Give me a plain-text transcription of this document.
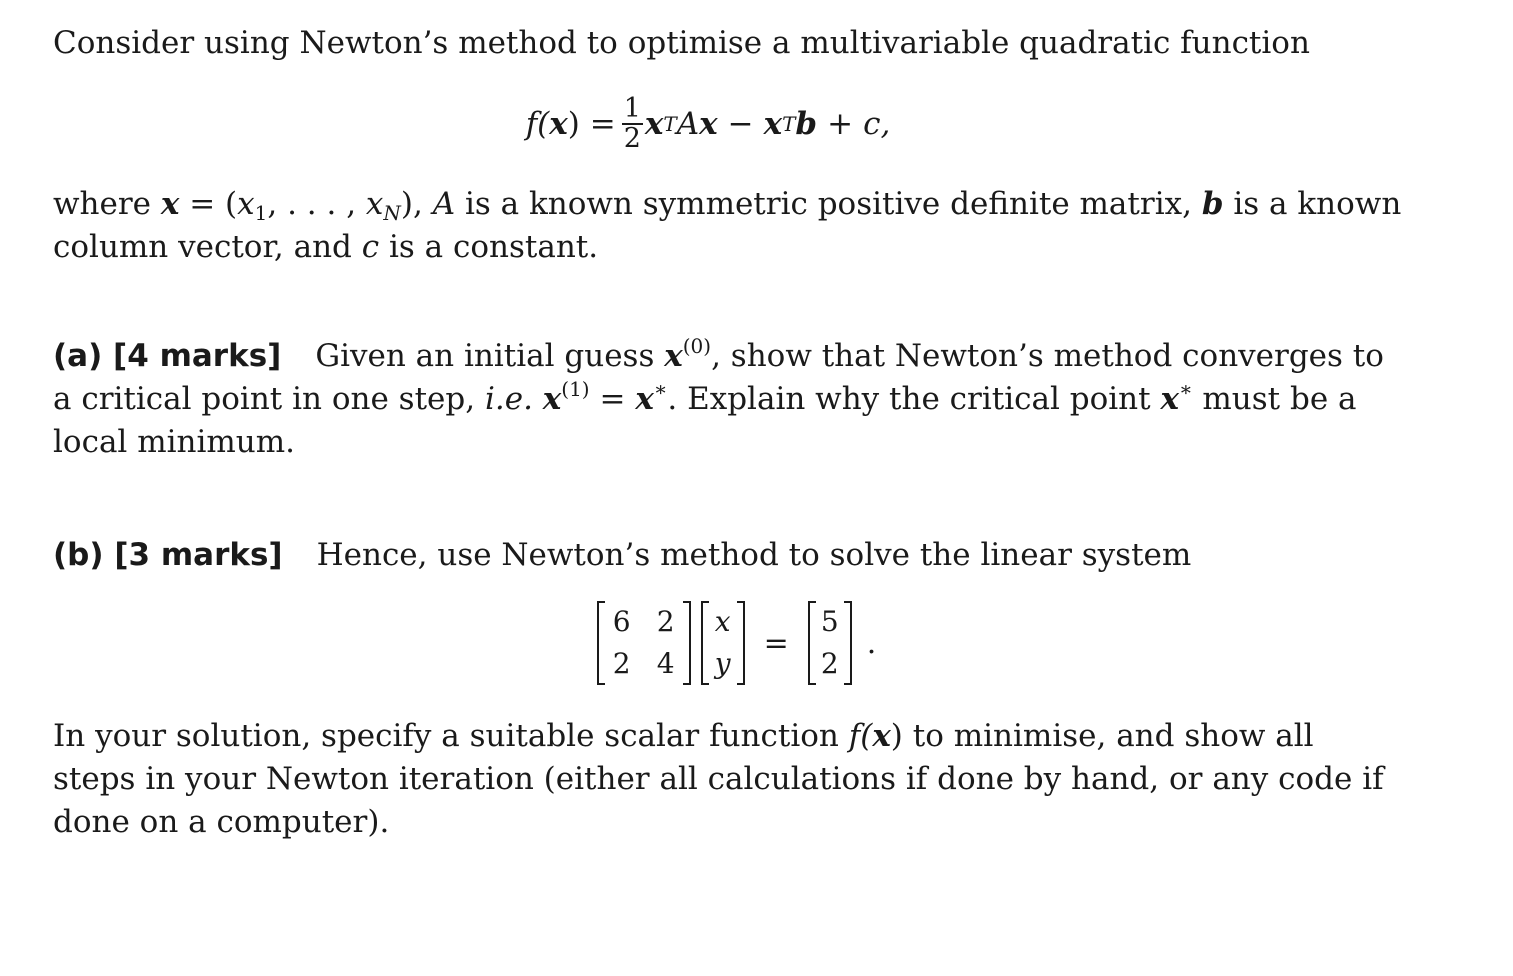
Consider using Newton’s method to optimise a multivariable quadratic function

f( x ) = $\frac{1}{2}$ x T A x − x T b + c,

where $x = (x_1$, . . . , $x_N$), A is a known symmetric positive definite matrix, b is a known column vector, and c is a constant.

(a) [4 marks] Given an initial guess $x^{(0)}$, show that Newton’s method converges to a critical point in one step, i.e. $x^{(1)} = x^∗$. Explain why the critical point x∗ must be a local minimum.

(b) [3 marks] Hence, use Newton’s method to solve the linear system

6 2
2 4
x
y
=
5
2
.

In your solution, specify a suitable scalar function f(x) to minimise, and show all steps in your Newton iteration (either all calculations if done by hand, or any code if done on a computer).
